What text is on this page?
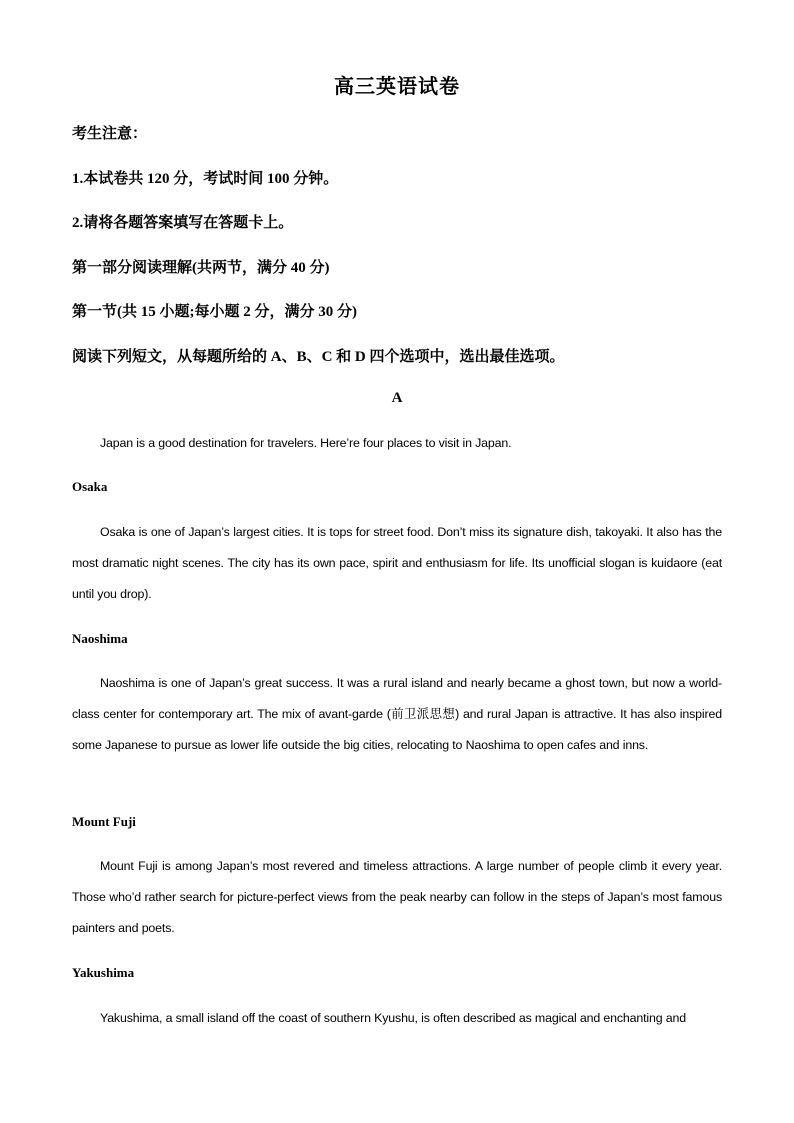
高三英语试卷
考生注意：
1.本试卷共 120 分，考试时间 100 分钟。
2.请将各题答案填写在答题卡上。
第一部分阅读理解(共两节，满分 40 分)
第一节(共 15 小题;每小题 2 分，满分 30 分)
阅读下列短文，从每题所给的 A、B、C 和 D 四个选项中，选出最佳选项。
A
Japan is a good destination for travelers. Here’re four places to visit in Japan.
Osaka
Osaka is one of Japan’s largest cities. It is tops for street food. Don’t miss its signature dish, takoyaki. It also has the most dramatic night scenes. The city has its own pace, spirit and enthusiasm for life. Its unofficial slogan is kuidaore (eat until you drop).
Naoshima
Naoshima is one of Japan’s great success. It was a rural island and nearly became a ghost town, but now a world-class center for contemporary art. The mix of avant-garde (前卫派思想) and rural Japan is attractive. It has also inspired some Japanese to pursue as lower life outside the big cities, relocating to Naoshima to open cafes and inns.
Mount Fuji
Mount Fuji is among Japan’s most revered and timeless attractions. A large number of people climb it every year. Those who’d rather search for picture-perfect views from the peak nearby can follow in the steps of Japan’s most famous painters and poets.
Yakushima
Yakushima, a small island off the coast of southern Kyushu, is often described as magical and enchanting and
